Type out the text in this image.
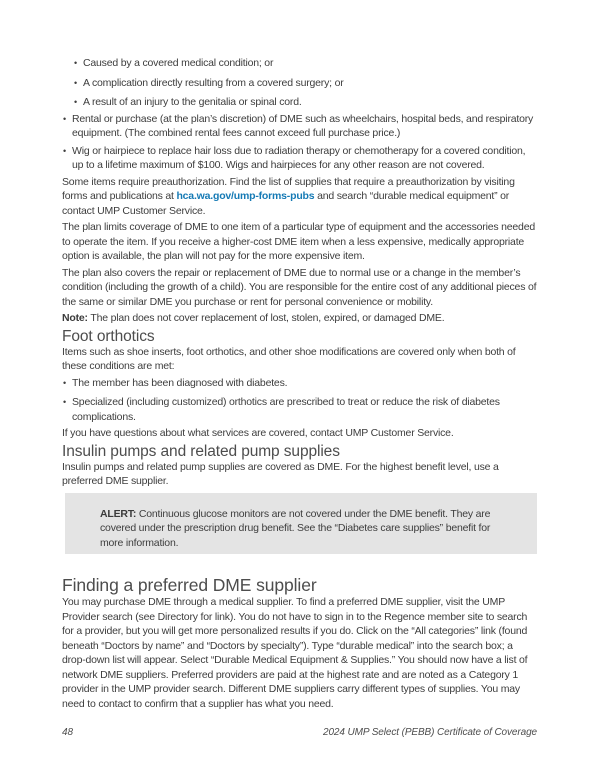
• Caused by a covered medical condition; or
• A complication directly resulting from a covered surgery; or
• A result of an injury to the genitalia or spinal cord.
• Rental or purchase (at the plan’s discretion) of DME such as wheelchairs, hospital beds, and respiratory equipment. (The combined rental fees cannot exceed full purchase price.)
• Wig or hairpiece to replace hair loss due to radiation therapy or chemotherapy for a covered condition, up to a lifetime maximum of $100. Wigs and hairpieces for any other reason are not covered.

Some items require preauthorization. Find the list of supplies that require a preauthorization by visiting forms and publications at hca.wa.gov/ump-forms-pubs and search “durable medical equipment” or contact UMP Customer Service.

The plan limits coverage of DME to one item of a particular type of equipment and the accessories needed to operate the item. If you receive a higher-cost DME item when a less expensive, medically appropriate option is available, the plan will not pay for the more expensive item.

The plan also covers the repair or replacement of DME due to normal use or a change in the member’s condition (including the growth of a child). You are responsible for the entire cost of any additional pieces of the same or similar DME you purchase or rent for personal convenience or mobility.

Note: The plan does not cover replacement of lost, stolen, expired, or damaged DME.

Foot orthotics

Items such as shoe inserts, foot orthotics, and other shoe modifications are covered only when both of these conditions are met:

• The member has been diagnosed with diabetes.
• Specialized (including customized) orthotics are prescribed to treat or reduce the risk of diabetes complications.

If you have questions about what services are covered, contact UMP Customer Service.

Insulin pumps and related pump supplies

Insulin pumps and related pump supplies are covered as DME. For the highest benefit level, use a preferred DME supplier.

ALERT: Continuous glucose monitors are not covered under the DME benefit. They are covered under the prescription drug benefit. See the “Diabetes care supplies” benefit for more information.

Finding a preferred DME supplier

You may purchase DME through a medical supplier. To find a preferred DME supplier, visit the UMP Provider search (see Directory for link). You do not have to sign in to the Regence member site to search for a provider, but you will get more personalized results if you do. Click on the “All categories” link (found beneath “Doctors by name” and “Doctors by specialty”). Type “durable medical” into the search box; a drop-down list will appear. Select “Durable Medical Equipment & Supplies.” You should now have a list of network DME suppliers. Preferred providers are paid at the highest rate and are noted as a Category 1 provider in the UMP provider search. Different DME suppliers carry different types of supplies. You may need to contact to confirm that a supplier has what you need.

48	2024 UMP Select (PEBB) Certificate of Coverage
